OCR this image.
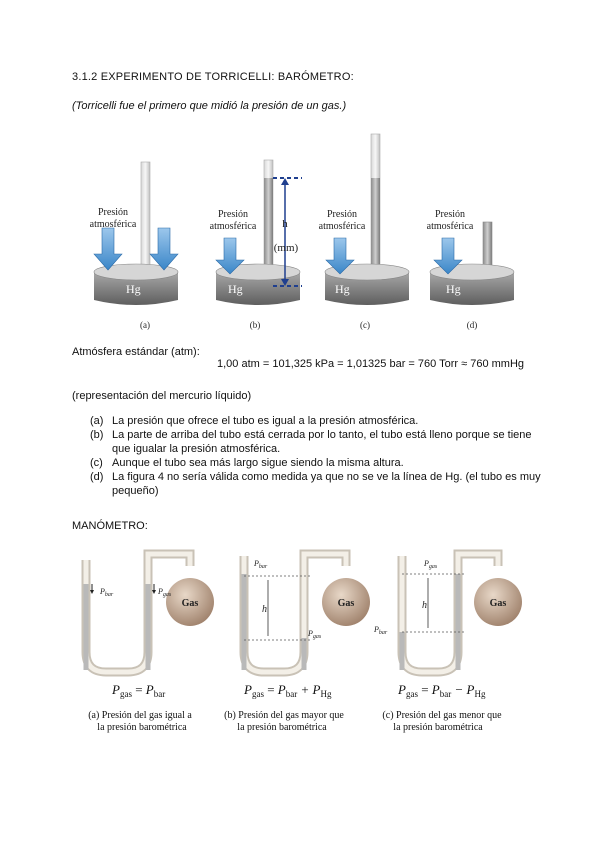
3.1.2 EXPERIMENTO DE TORRICELLI: BARÓMETRO:
(Torricelli fue el primero que midió la presión de un gas.)
Presión
atmosférica
Hg
(a)
h
(mm)
Presión
atmosférica
Hg
(b)
Presión
atmosférica
Hg
(c)
Presión
atmosférica
Hg
(d)
Atmósfera estándar (atm):
1,00 atm = 101,325 kPa = 1,01325 bar = 760 Torr ≈ 760 mmHg
(representación del mercurio líquido)
(a) La presión que ofrece el tubo es igual a la presión atmosférica.
(b) La parte de arriba del tubo está cerrada por lo tanto, el tubo está lleno porque se tiene que igualar la presión atmosférica.
(c) Aunque el tubo sea más largo sigue siendo la misma altura.
(d) La figura 4 no sería válida como medida ya que no se ve la línea de Hg. (el tubo es muy pequeño)
MANÓMETRO:
Gas
$P_{bar}$	$P_{gas}$
Gas
h
$P_{bar}$
$P_{gas}$
Gas
h
$P_{gas}$
$P_{bar}$
$P_{gas} = P_{bar}$	$P_{gas} = P_{bar} + P_{Hg}$	$P_{gas} = P_{bar} - P_{Hg}$
(a) Presión del gas igual a
la presión barométrica
(b) Presión del gas mayor que
la presión barométrica
(c) Presión del gas menor que
la presión barométrica
